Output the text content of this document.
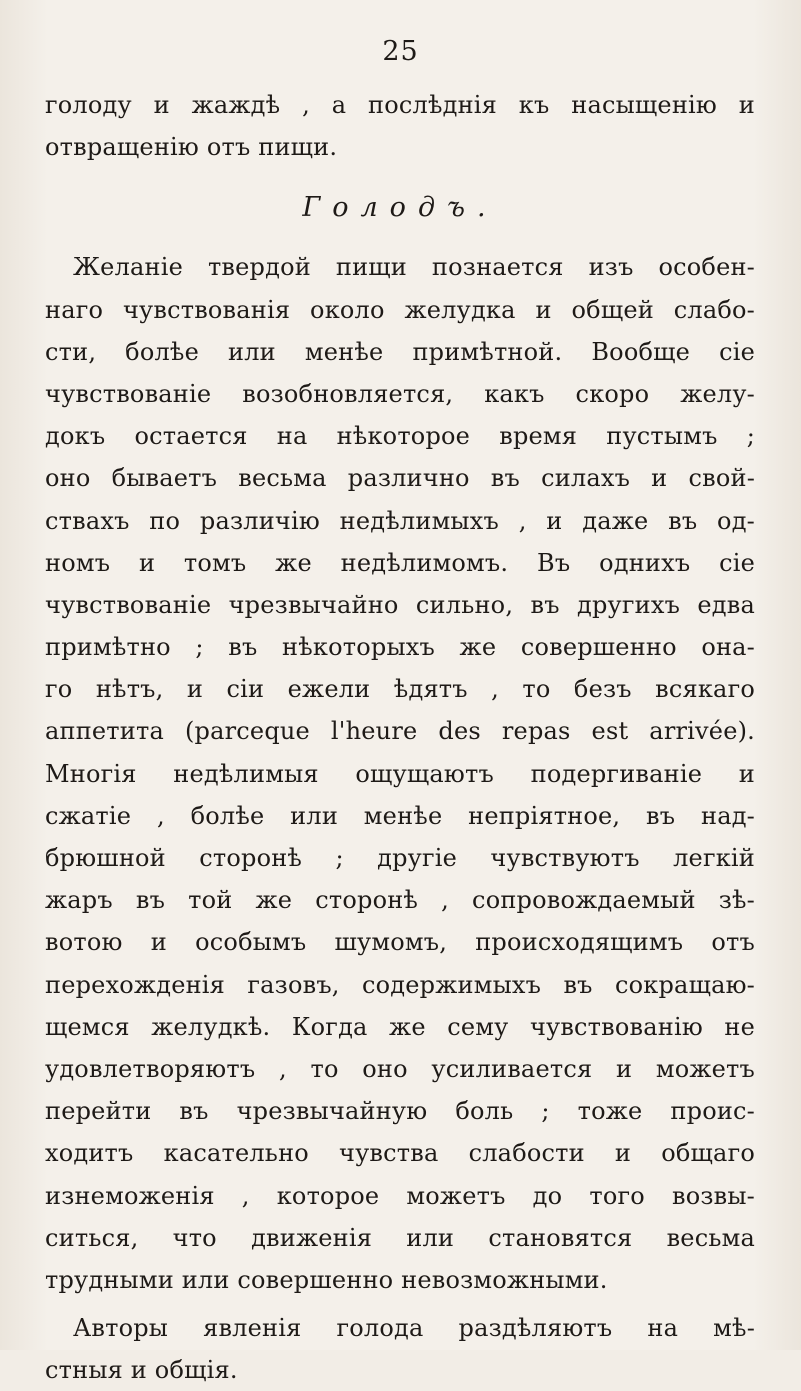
25
голоду и жаждѣ , а послѣднія къ насыщенію и
отвращенію отъ пищи.
Голодъ.
Желаніе твердой пищи познается изъ особен-
наго чувствованія около желудка и общей слабо-
сти, болѣе или менѣе примѣтной. Вообще сіе
чувствованіе возобновляется, какъ скоро желу-
докъ остается на нѣкоторое время пустымъ ;
оно бываетъ весьма различно въ силахъ и свой-
ствахъ по различію недѣлимыхъ , и даже въ од-
номъ и томъ же недѣлимомъ. Въ однихъ сіе
чувствованіе чрезвычайно сильно, въ другихъ едва
примѣтно ; въ нѣкоторыхъ же совершенно она-
го нѣтъ, и сіи ежели ѣдятъ , то безъ всякаго
аппетита (parceque l'heure des repas est arrivée).
Многія недѣлимыя ощущаютъ подергиваніе и
сжатіе , болѣе или менѣе непріятное, въ над-
брюшной сторонѣ ; другіе чувствуютъ легкій
жаръ въ той же сторонѣ , сопровождаемый зѣ-
вотою и особымъ шумомъ, происходящимъ отъ
перехожденія газовъ, содержимыхъ въ сокращаю-
щемся желудкѣ. Когда же сему чувствованію не
удовлетворяютъ , то оно усиливается и можетъ
перейти въ чрезвычайную боль ; тоже проис-
ходитъ касательно чувства слабости и общаго
изнеможенія , которое можетъ до того возвы-
ситься, что движенія или становятся весьма
трудными или совершенно невозможными.
Авторы явленія голода раздѣляютъ на мѣ-
стныя и общія.
